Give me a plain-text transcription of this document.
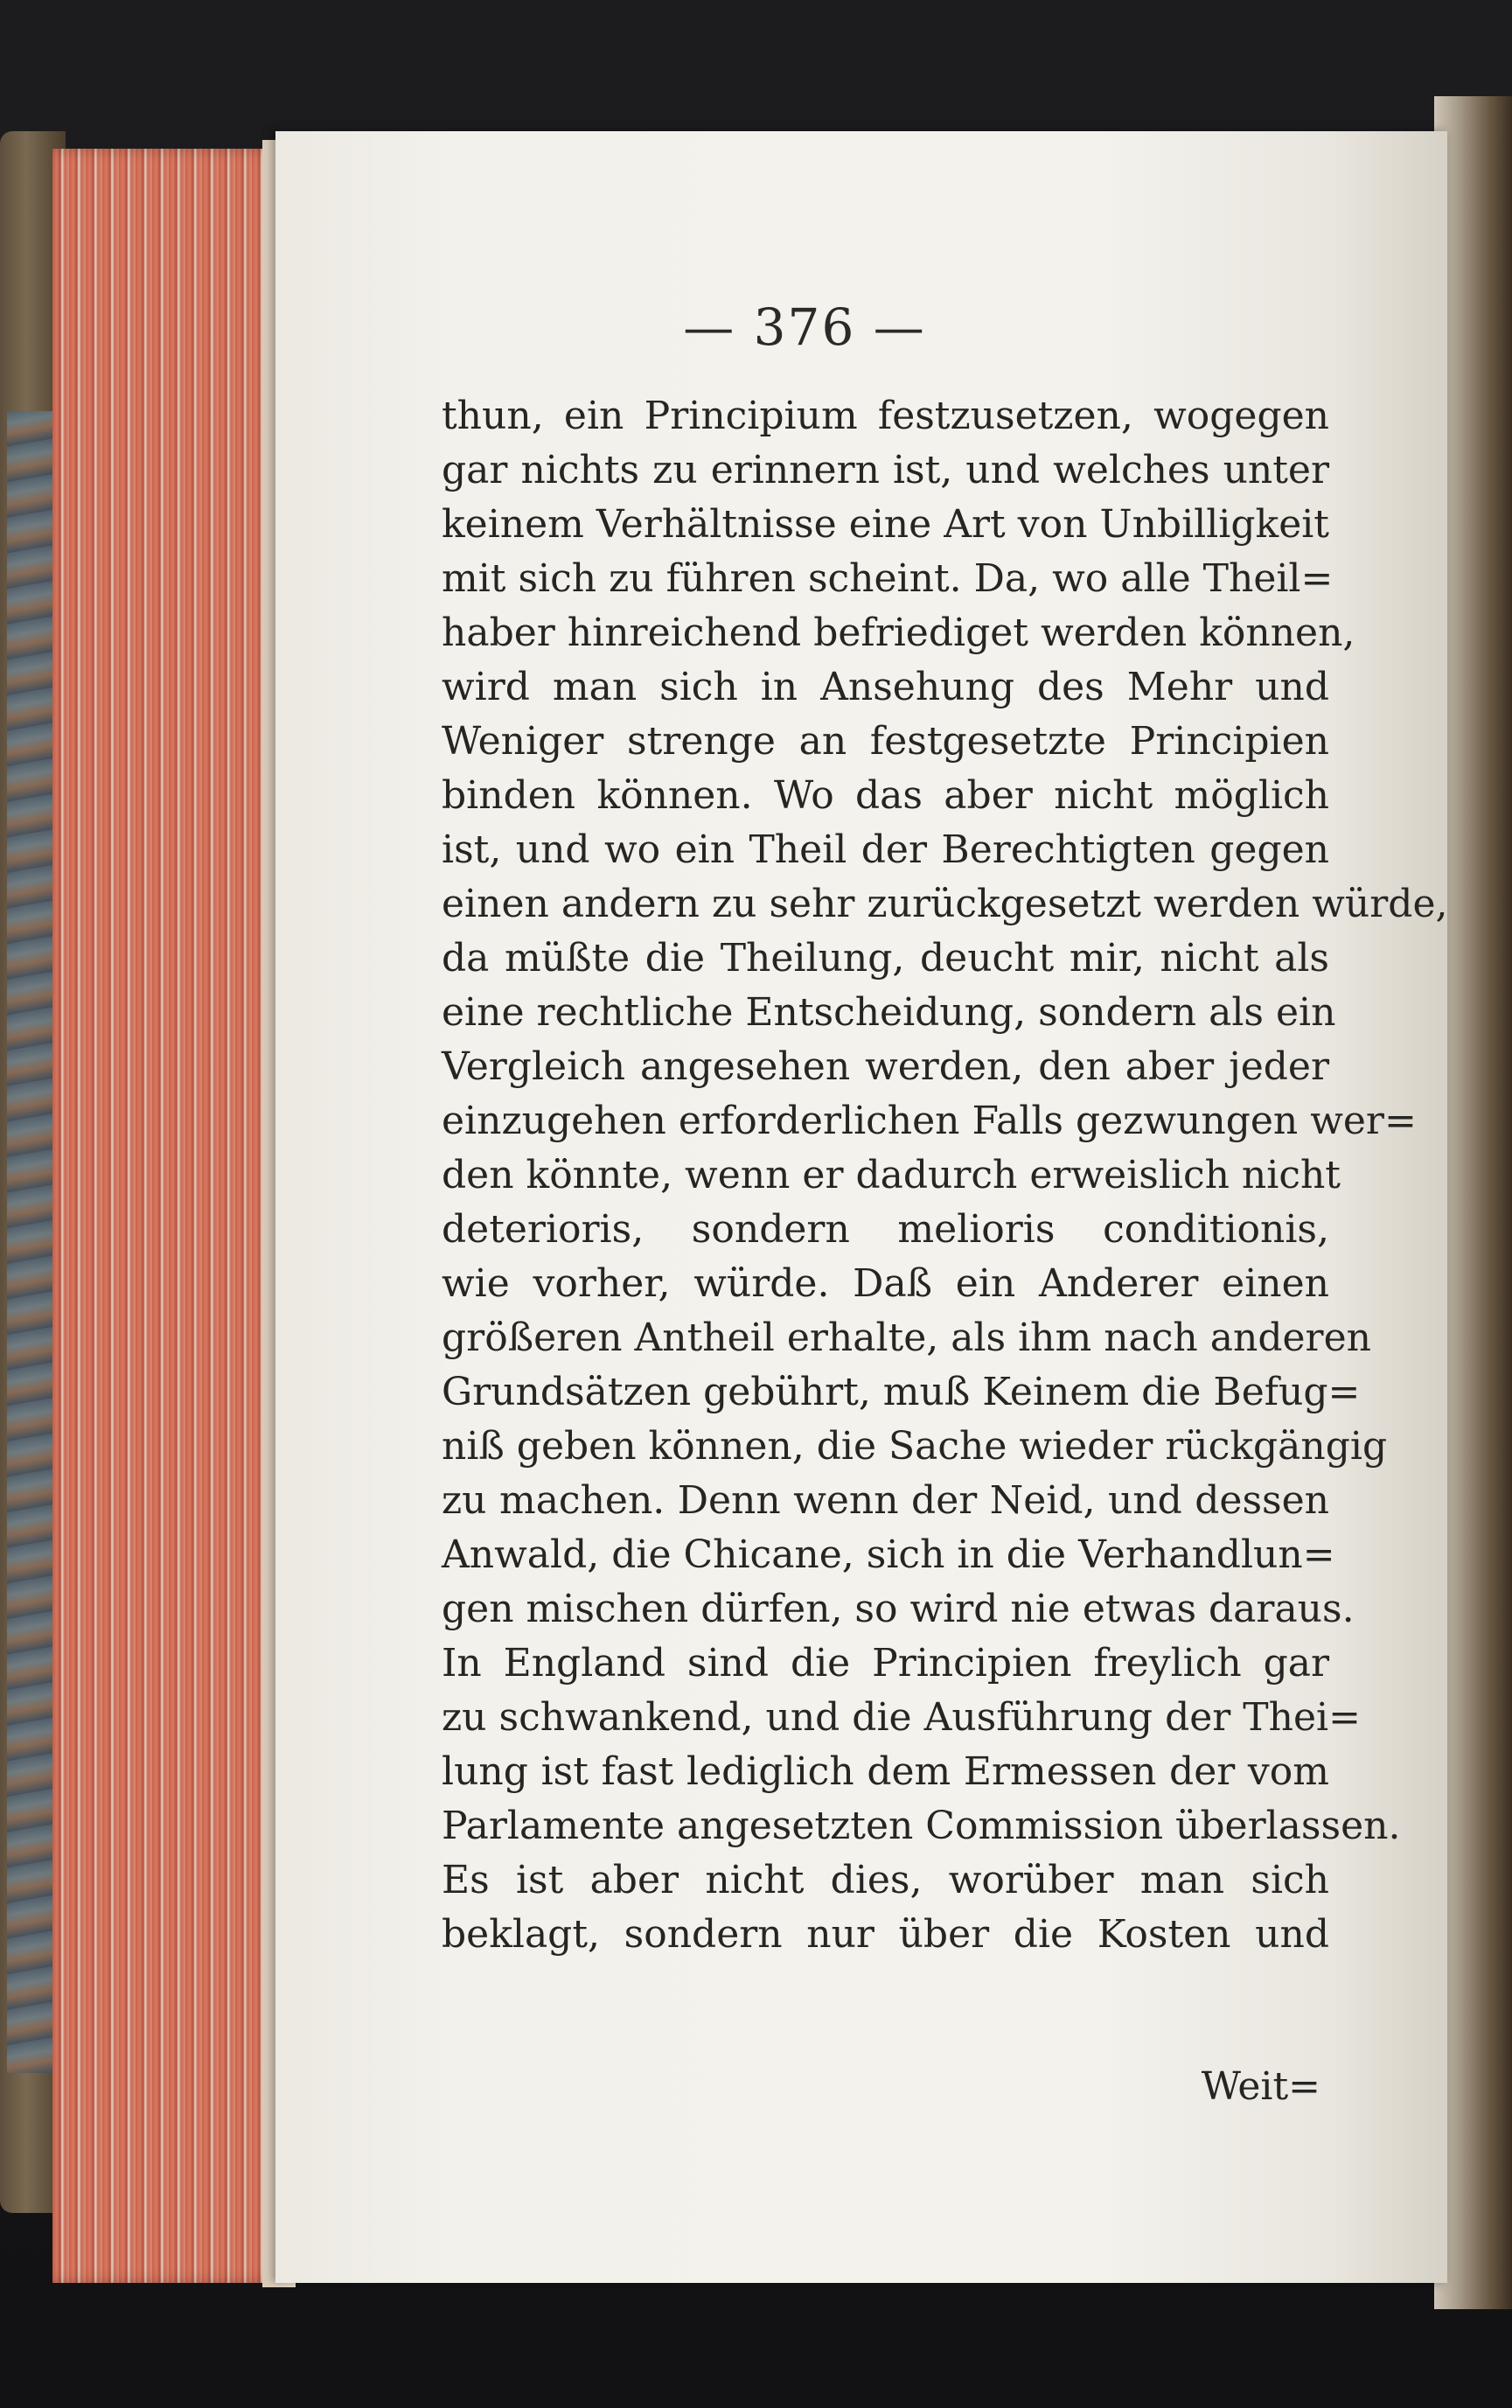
— 376 —
thun, ein Principium festzusetzen, wogegen
gar nichts zu erinnern ist, und welches unter
keinem Verhältnisse eine Art von Unbilligkeit
mit sich zu führen scheint. Da, wo alle Theil=
haber hinreichend befriediget werden können,
wird man sich in Ansehung des Mehr und
Weniger strenge an festgesetzte Principien
binden können. Wo das aber nicht möglich
ist, und wo ein Theil der Berechtigten gegen
einen andern zu sehr zurückgesetzt werden würde,
da müßte die Theilung, deucht mir, nicht als
eine rechtliche Entscheidung, sondern als ein
Vergleich angesehen werden, den aber jeder
einzugehen erforderlichen Falls gezwungen wer=
den könnte, wenn er dadurch erweislich nicht
deterioris, sondern melioris conditionis,
wie vorher, würde. Daß ein Anderer einen
größeren Antheil erhalte, als ihm nach anderen
Grundsätzen gebührt, muß Keinem die Befug=
niß geben können, die Sache wieder rückgängig
zu machen. Denn wenn der Neid, und dessen
Anwald, die Chicane, sich in die Verhandlun=
gen mischen dürfen, so wird nie etwas daraus.
In England sind die Principien freylich gar
zu schwankend, und die Ausführung der Thei=
lung ist fast lediglich dem Ermessen der vom
Parlamente angesetzten Commission überlassen.
Es ist aber nicht dies, worüber man sich
beklagt, sondern nur über die Kosten und
Weit=
